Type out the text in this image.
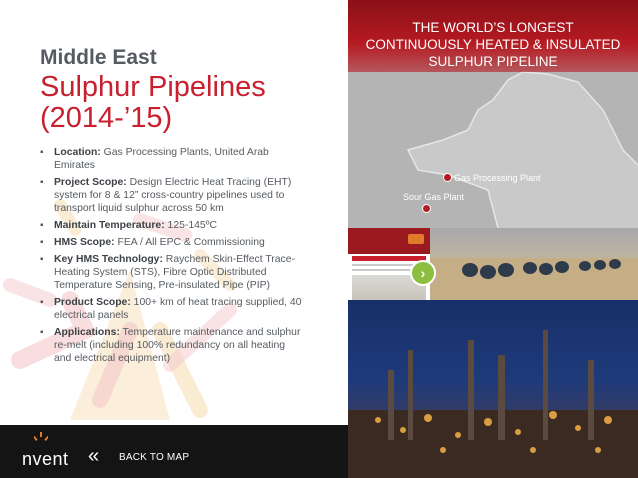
Middle East

Sulphur Pipelines
(2014-’15)

▪ Location: Gas Processing Plants, United Arab Emirates
▪ Project Scope: Design Electric Heat Tracing (EHT) system for 8 & 12” cross-country pipelines used to transport liquid sulphur across 50 km
▪ Maintain Temperature: 125-145ºC
▪ HMS Scope: FEA / All EPC & Commissioning
▪ Key HMS Technology: Raychem Skin-Effect Trace-Heating System (STS), Fibre Optic Distributed Temperature Sensing, Pre-insulated Pipe (PIP)
▪ Product Scope: 100+ km of heat tracing supplied, 40 electrical panels
▪ Applications: Temperature maintenance and sulphur re-melt (including 100% redundancy on all heating and electrical equipment)
THE WORLD’S LONGEST CONTINUOUSLY HEATED & INSULATED SULPHUR PIPELINE
Gas Processing Plant
Sour Gas Plant
›
nvent « BACK TO MAP
